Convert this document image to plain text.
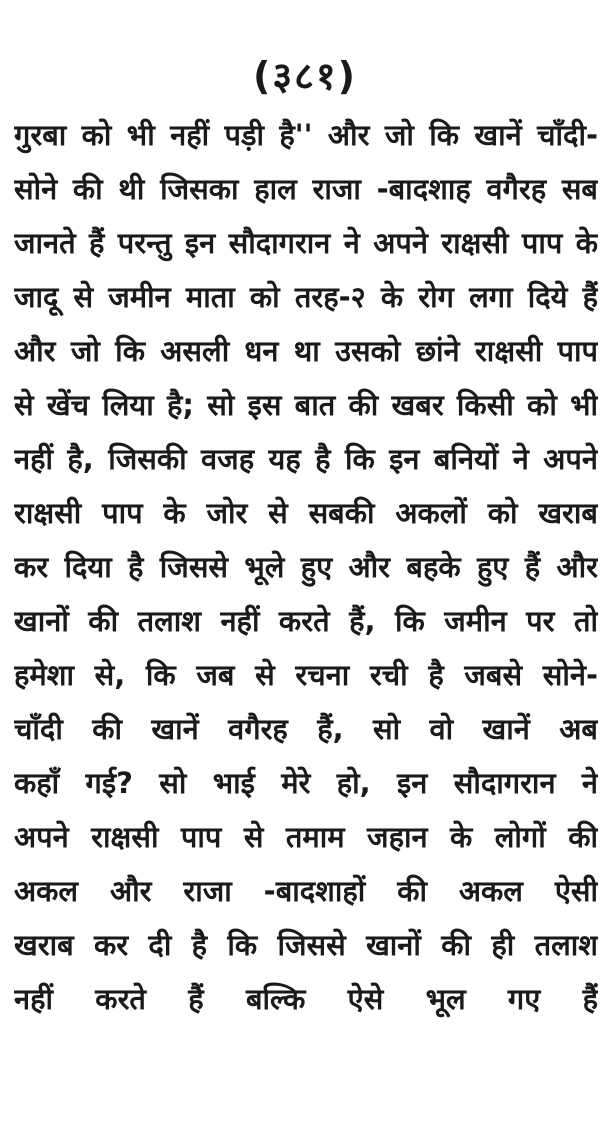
(३८१)
गुरबा को भी नहीं पड़ी है'' और जो कि खानें चाँदी-
सोने की थी जिसका हाल राजा -बादशाह वगैरह सब
जानते हैं परन्तु इन सौदागरान ने अपने राक्षसी पाप के
जादू से जमीन माता को तरह-२ के रोग लगा दिये हैं
और जो कि असली धन था उसको छांने राक्षसी पाप
से खेंच लिया है; सो इस बात की खबर किसी को भी
नहीं है, जिसकी वजह यह है कि इन बनियों ने अपने
राक्षसी पाप के जोर से सबकी अकलों को खराब
कर दिया है जिससे भूले हुए और बहके हुए हैं और
खानों की तलाश नहीं करते हैं, कि जमीन पर तो
हमेशा से, कि जब से रचना रची है जबसे सोने-
चाँदी की खानें वगैरह हैं, सो वो खानें अब
कहाँ गई? सो भाई मेरे हो, इन सौदागरान ने
अपने राक्षसी पाप से तमाम जहान के लोगों की
अकल और राजा -बादशाहों की अकल ऐसी
खराब कर दी है कि जिससे खानों की ही तलाश
नहीं करते हैं बल्कि ऐसे भूल गए हैं
